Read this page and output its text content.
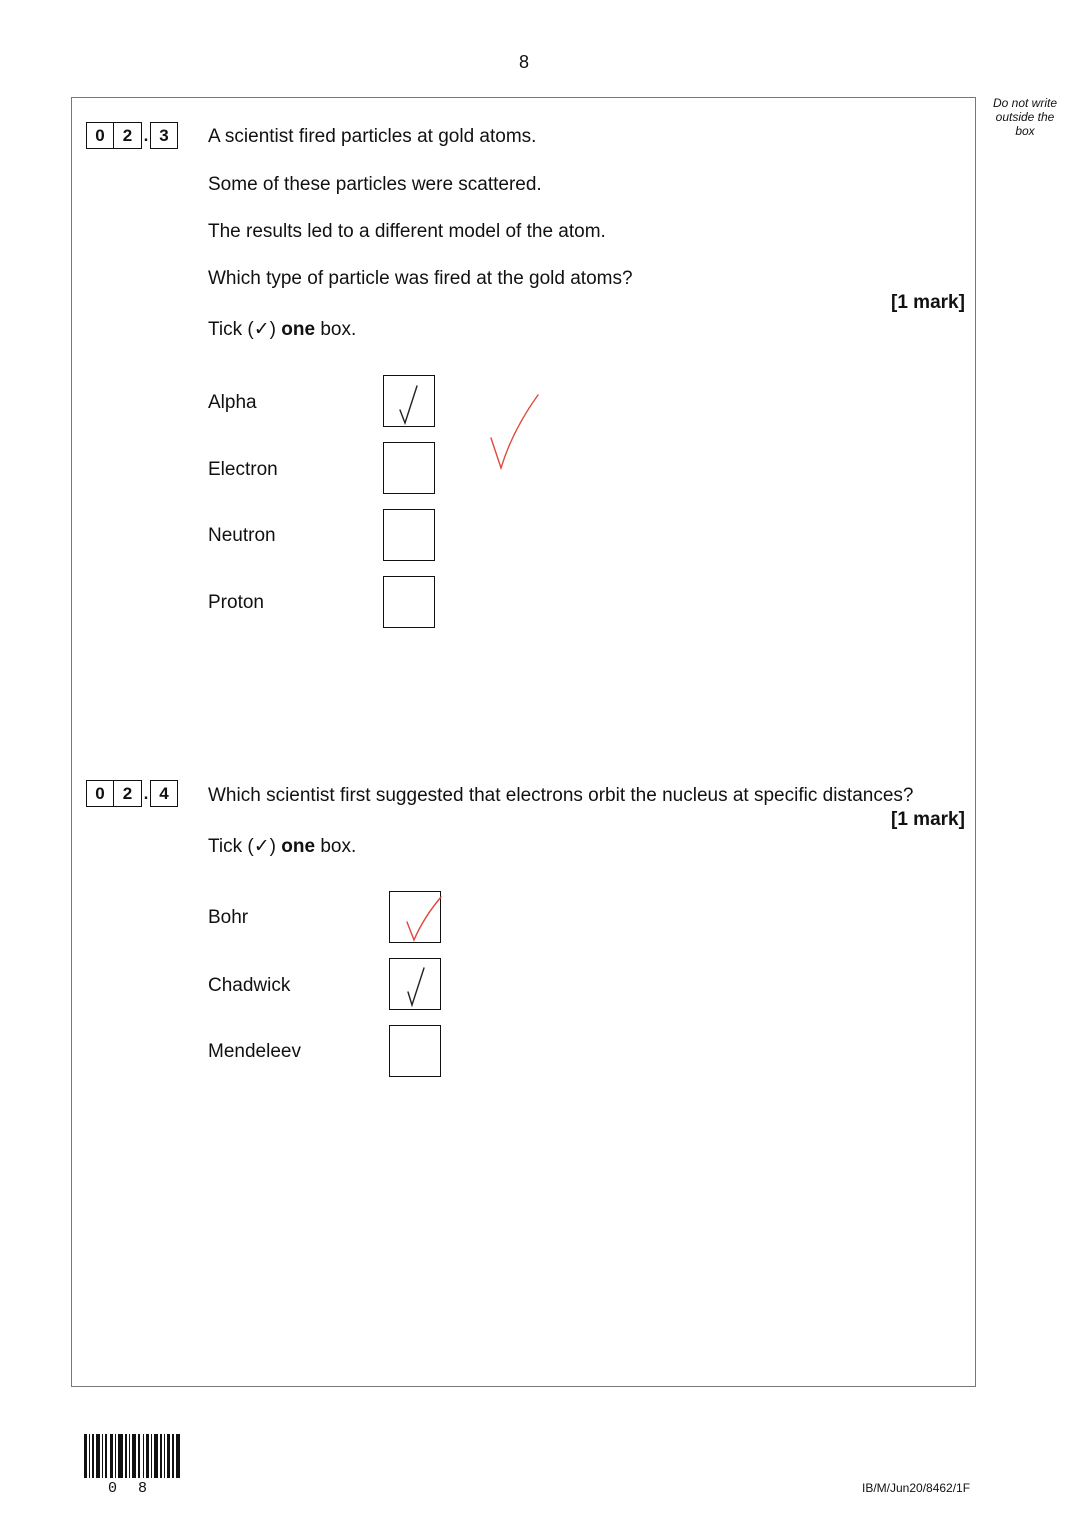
8
Do not write
outside the
box
0	2 . 3	A scientist fired particles at gold atoms.
Some of these particles were scattered.
The results led to a different model of the atom.
Which type of particle was fired at the gold atoms?
[1 mark]
Tick (✓) one box.
Alpha
Electron
Neutron
Proton
0	2 . 4	Which scientist first suggested that electrons orbit the nucleus at specific distances?
[1 mark]
Tick (✓) one box.
Bohr
Chadwick
Mendeleev
0 8	IB/M/Jun20/8462/1F
